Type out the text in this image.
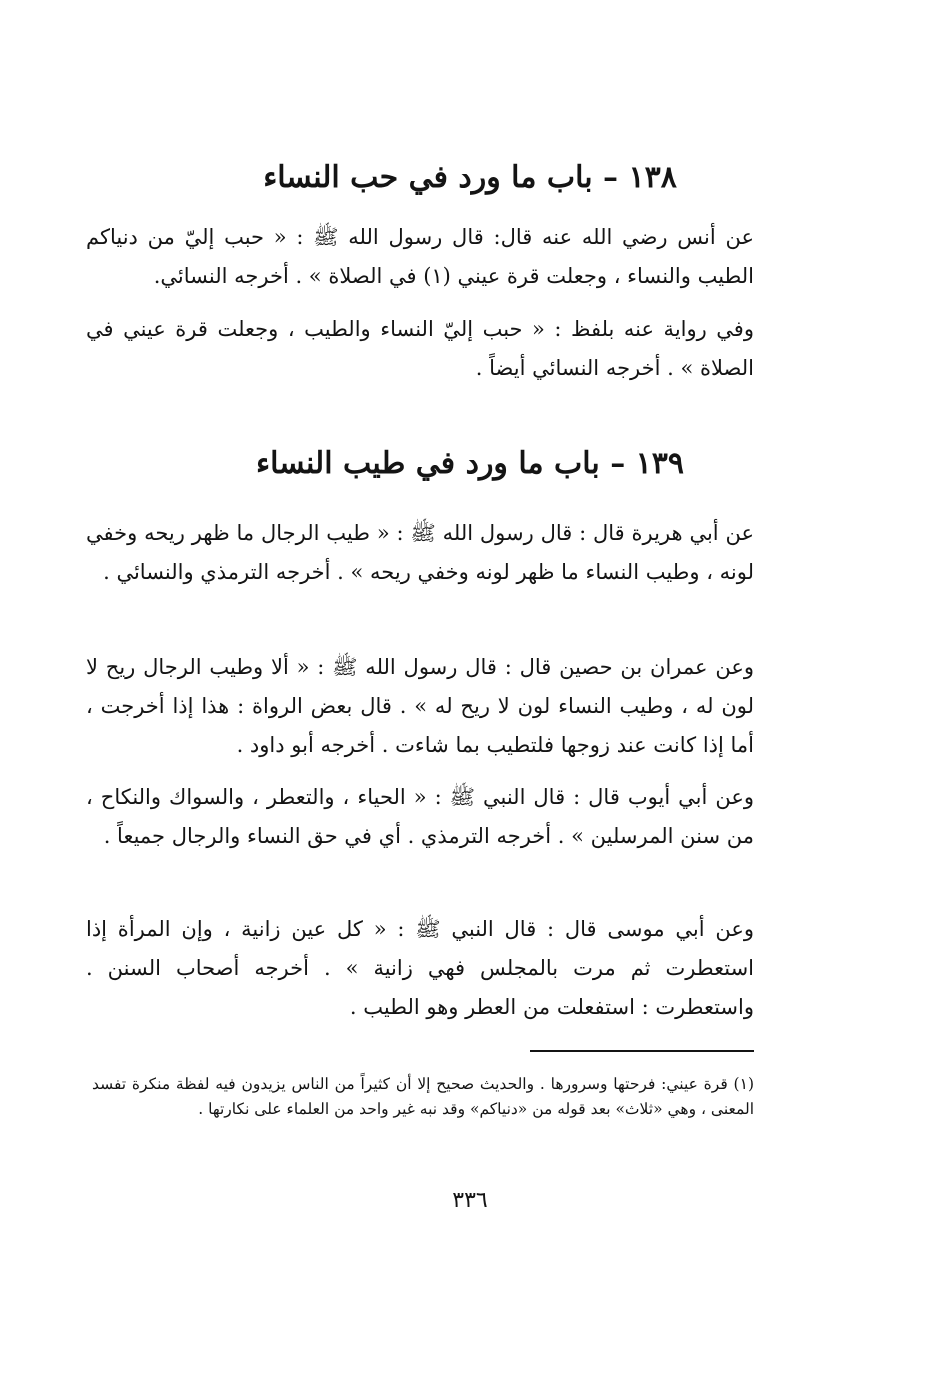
١٣٨ – باب ما ورد في حب النساء

عن أنس رضي الله عنه قال: قال رسول الله ﷺ : « حبب إليّ من دنياكم الطيب والنساء ، وجعلت قرة عيني (١) في الصلاة » . أخرجه النسائي.

وفي رواية عنه بلفظ : « حبب إليّ النساء والطيب ، وجعلت قرة عيني في الصلاة » . أخرجه النسائي أيضاً .

١٣٩ – باب ما ورد في طيب النساء

عن أبي هريرة قال : قال رسول الله ﷺ : « طيب الرجال ما ظهر ريحه وخفي لونه ، وطيب النساء ما ظهر لونه وخفي ريحه » . أخرجه الترمذي والنسائي .

وعن عمران بن حصين قال : قال رسول الله ﷺ : « ألا وطيب الرجال ريح لا لون له ، وطيب النساء لون لا ريح له » . قال بعض الرواة : هذا إذا أخرجت ، أما إذا كانت عند زوجها فلتطيب بما شاءت . أخرجه أبو داود .

وعن أبي أيوب قال : قال النبي ﷺ : « الحياء ، والتعطر ، والسواك والنكاح ، من سنن المرسلين » . أخرجه الترمذي . أي في حق النساء والرجال جميعاً .

وعن أبي موسى قال : قال النبي ﷺ : « كل عين زانية ، وإن المرأة إذا استعطرت ثم مرت بالمجلس فهي زانية » . أخرجه أصحاب السنن . واستعطرت : استفعلت من العطر وهو الطيب .

(١) قرة عيني: فرحتها وسرورها . والحديث صحيح إلا أن كثيراً من الناس يزيدون فيه لفظة منكرة تفسد المعنى ، وهي «ثلاث» بعد قوله من «دنياكم» وقد نبه غير واحد من العلماء على نكارتها .

٣٣٦
